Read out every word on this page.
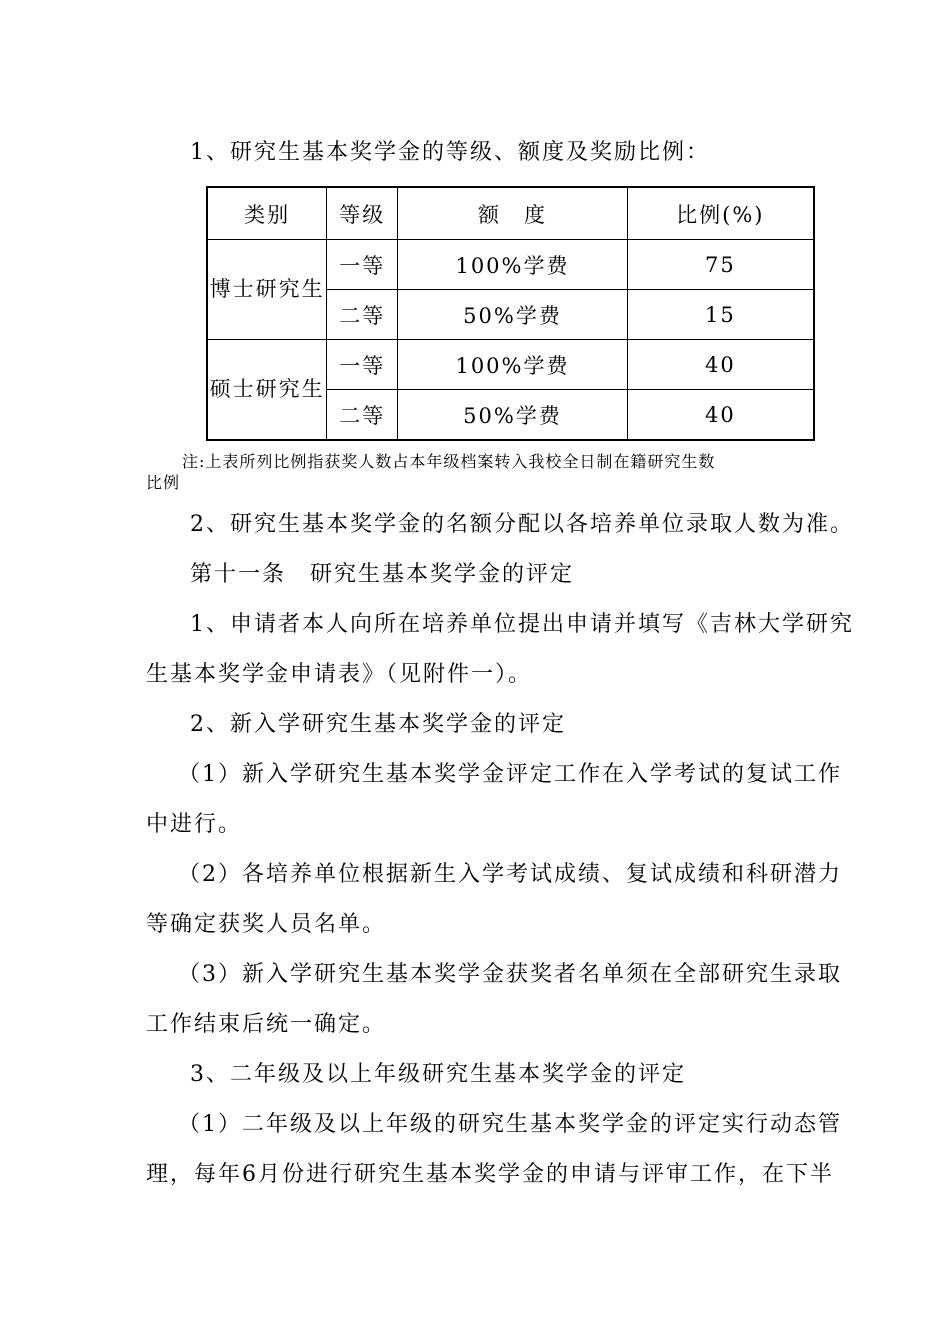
1、研究生基本奖学金的等级、额度及奖励比例：

类别	等级	额　度	比例(%)
博士研究生	一等	100%学费	75
	二等	50%学费	15
硕士研究生	一等	100%学费	40
	二等	50%学费	40
注:上表所列比例指获奖人数占本年级档案转入我校全日制在籍研究生数
比例

2、研究生基本奖学金的名额分配以各培养单位录取人数为准。

第十一条　研究生基本奖学金的评定

1、申请者本人向所在培养单位提出申请并填写《吉林大学研究

生基本奖学金申请表》（见附件一）。

2、新入学研究生基本奖学金的评定

（1）新入学研究生基本奖学金评定工作在入学考试的复试工作

中进行。

（2）各培养单位根据新生入学考试成绩、复试成绩和科研潜力

等确定获奖人员名单。

（3）新入学研究生基本奖学金获奖者名单须在全部研究生录取

工作结束后统一确定。

3、二年级及以上年级研究生基本奖学金的评定

（1）二年级及以上年级的研究生基本奖学金的评定实行动态管

理，每年6月份进行研究生基本奖学金的申请与评审工作，在下半
